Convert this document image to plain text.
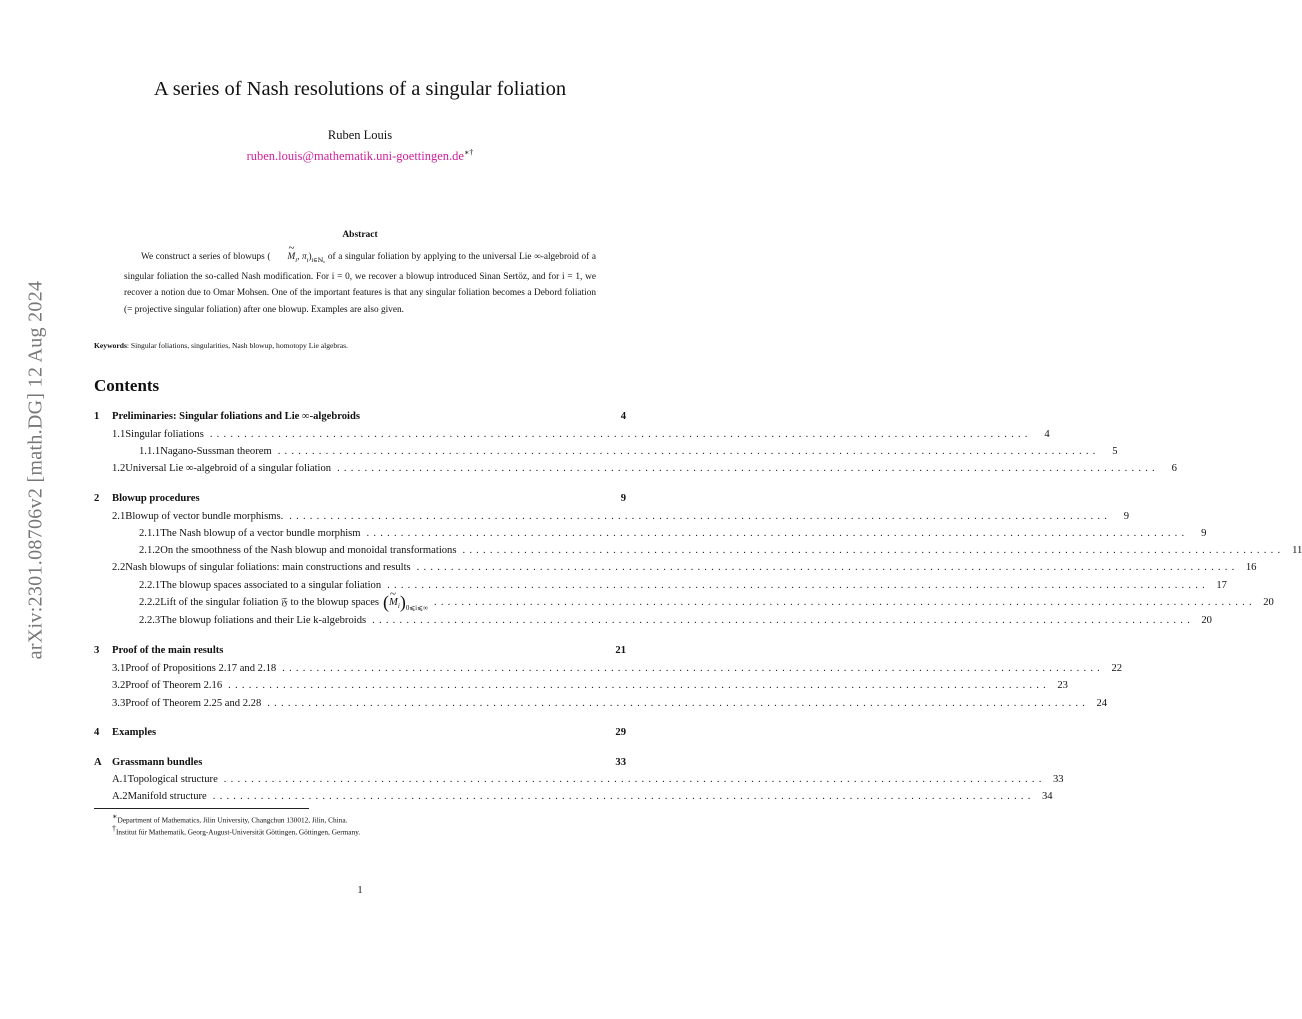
A series of Nash resolutions of a singular foliation
Ruben Louis
ruben.louis@mathematik.uni-goettingen.de∗†
arXiv:2301.08706v2 [math.DG] 12 Aug 2024
Abstract
We construct a series of blowups ( ~ $M_i$, $\pi_i)_{i\in ℕ_0}$ of a singular foliation by applying to the universal Lie ∞-algebroid of a singular foliation the so-called Nash modification. For i = 0, we recover a blowup introduced Sinan Sertöz, and for i = 1, we recover a notion due to Omar Mohsen. One of the important features is that any singular foliation becomes a Debord foliation (= projective singular foliation) after one blowup. Examples are also given.
Keywords: Singular foliations, singularities, Nash blowup, homotopy Lie algebras.
Contents
1	Preliminaries: Singular foliations and Lie ∞-algebroids	4
1.1 Singular foliations ........................................................................................................................	4
1.1.1 Nagano-Sussman theorem ........................................................................................................................	5
1.2 Universal Lie ∞-algebroid of a singular foliation ........................................................................................................................	6
2	Blowup procedures	9
2.1 Blowup of vector bundle morphisms. ........................................................................................................................	9
2.1.1 The Nash blowup of a vector bundle morphism ........................................................................................................................	9
2.1.2 On the smoothness of the Nash blowup and monoidal transformations ........................................................................................................................ 11
2.2 Nash blowups of singular foliations: main constructions and results ........................................................................................................................ 16
2.2.1 The blowup spaces associated to a singular foliation ........................................................................................................................ 17
2.2.2 Lift of the singular foliation 𝔉 to the blowup spaces (~ $M_i)_{0⩽i⩽\infty}$ ........................................................................................................................ 20
2.2.3 The blowup foliations and their Lie k-algebroids ........................................................................................................................ 20
3	Proof of the main results	21
3.1 Proof of Propositions 2.17 and 2.18 ........................................................................................................................ 22
3.2 Proof of Theorem 2.16 ........................................................................................................................ 23
3.3 Proof of Theorem 2.25 and 2.28 ........................................................................................................................ 24
4	Examples	29
A Grassmann bundles	33
A.1 Topological structure ........................................................................................................................ 33
A.2 Manifold structure ........................................................................................................................ 34
∗Department of Mathematics, Jilin University, Changchun 130012, Jilin, China.
†Institut für Mathematik, Georg-August-Universität Göttingen, Göttingen, Germany.
1
